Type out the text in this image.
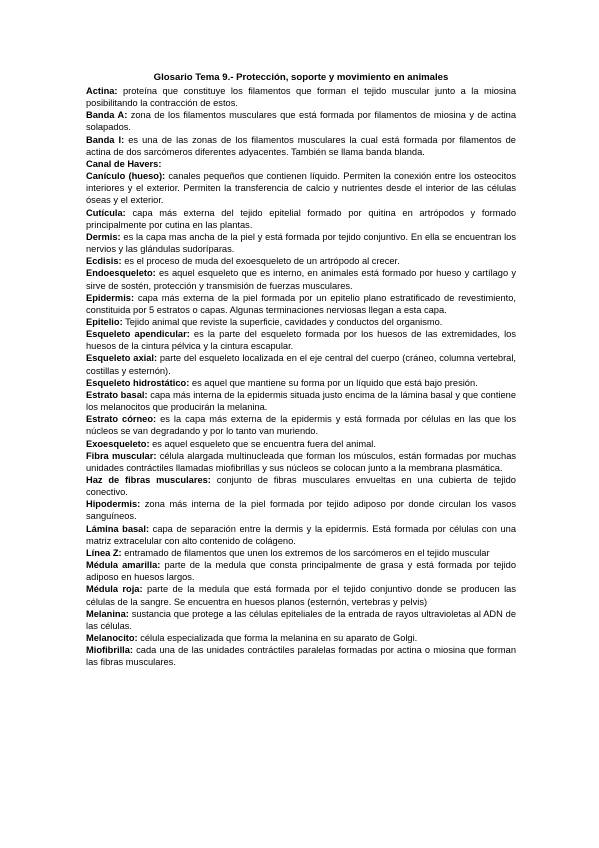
Glosario Tema 9.- Protección, soporte y movimiento en animales

Actina: proteína que constituye los filamentos que forman el tejido muscular junto a la miosina posibilitando la contracción de estos.

Banda A: zona de los filamentos musculares que está formada por filamentos de miosina y de actina solapados.

Banda I: es una de las zonas de los filamentos musculares la cual está formada por filamentos de actina de dos sarcómeros diferentes adyacentes. También se llama banda blanda.

Canal de Havers:

Canículo (hueso): canales pequeños que contienen líquido. Permiten la conexión entre los osteocitos interiores y el exterior. Permiten la transferencia de calcio y nutrientes desde el interior de las células óseas y el exterior.

Cutícula: capa más externa del tejido epitelial formado por quitina en artrópodos y formado principalmente por cutina en las plantas.

Dermis: es la capa mas ancha de la piel y está formada por tejido conjuntivo. En ella se encuentran los nervios y las glándulas sudoríparas.

Ecdisis: es el proceso de muda del exoesqueleto de un artrópodo al crecer.

Endoesqueleto: es aquel esqueleto que es interno, en animales está formado por hueso y cartílago y sirve de sostén, protección y transmisión de fuerzas musculares.

Epidermis: capa más externa de la piel formada por un epitelio plano estratificado de revestimiento, constituida por 5 estratos o capas. Algunas terminaciones nerviosas llegan a esta capa.

Epitelio: Tejido animal que reviste la superficie, cavidades y conductos del organismo.

Esqueleto apendicular: es la parte del esqueleto formada por los huesos de las extremidades, los huesos de la cintura pélvica y la cintura escapular.

Esqueleto axial: parte del esqueleto localizada en el eje central del cuerpo (cráneo, columna vertebral, costillas y esternón).

Esqueleto hidrostático: es aquel que mantiene su forma por un líquido que está bajo presión.

Estrato basal: capa más interna de la epidermis situada justo encima de la lámina basal y que contiene los melanocitos que producirán la melanina.

Estrato córneo: es la capa más externa de la epidermis y está formada por células en las que los núcleos se van degradando y por lo tanto van muriendo.

Exoesqueleto: es aquel esqueleto que se encuentra fuera del animal.

Fibra muscular: célula alargada multinucleada que forman los músculos, están formadas por muchas unidades contráctiles llamadas miofibrillas y sus núcleos se colocan junto a la membrana plasmática.

Haz de fibras musculares: conjunto de fibras musculares envueltas en una cubierta de tejido conectivo.

Hipodermis: zona más interna de la piel formada por tejido adiposo por donde circulan los vasos sanguíneos.

Lámina basal: capa de separación entre la dermis y la epidermis. Está formada por células con una matriz extracelular con alto contenido de colágeno.

Línea Z: entramado de filamentos que unen los extremos de los sarcómeros en el tejido muscular

Médula amarilla: parte de la medula que consta principalmente de grasa y está formada por tejido adiposo en huesos largos.

Médula roja: parte de la medula que está formada por el tejido conjuntivo donde se producen las células de la sangre. Se encuentra en huesos planos (esternón, vertebras y pelvis)

Melanina: sustancia que protege a las células epiteliales de la entrada de rayos ultravioletas al ADN de las células.

Melanocito: célula especializada que forma la melanina en su aparato de Golgi.

Miofibrilla: cada una de las unidades contráctiles paralelas formadas por actina o miosina que forman las fibras musculares.
